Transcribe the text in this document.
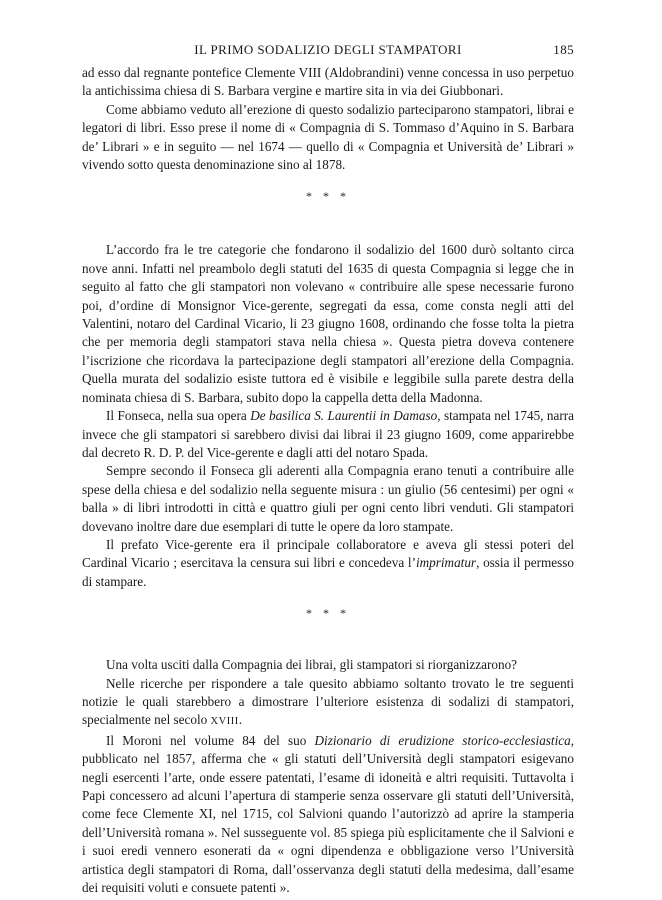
IL PRIMO SODALIZIO DEGLI STAMPATORI	185

ad esso dal regnante pontefice Clemente VIII (Aldobrandini) venne concessa in uso perpetuo la antichissima chiesa di S. Barbara vergine e martire sita in via dei Giubbonari.

Come abbiamo veduto all’erezione di questo sodalizio parteciparono stampatori, librai e legatori di libri. Esso prese il nome di « Compagnia di S. Tommaso d’Aquino in S. Barbara de’ Librari » e in seguito — nel 1674 — quello di « Compagnia et Università de’ Librari » vivendo sotto questa denominazione sino al 1878.

* * *

L’accordo fra le tre categorie che fondarono il sodalizio del 1600 durò soltanto circa nove anni. Infatti nel preambolo degli statuti del 1635 di questa Compagnia si legge che in seguito al fatto che gli stampatori non volevano « contribuire alle spese necessarie furono poi, d’ordine di Monsignor Vice-gerente, segregati da essa, come consta negli atti del Valentini, notaro del Cardinal Vicario, li 23 giugno 1608, ordinando che fosse tolta la pietra che per memoria degli stampatori stava nella chiesa ». Questa pietra doveva contenere l’iscrizione che ricordava la partecipazione degli stampatori all’erezione della Compagnia. Quella murata del sodalizio esiste tuttora ed è visibile e leggibile sulla parete destra della nominata chiesa di S. Barbara, subito dopo la cappella detta della Madonna.

Il Fonseca, nella sua opera De basilica S. Laurentii in Damaso, stampata nel 1745, narra invece che gli stampatori si sarebbero divisi dai librai il 23 giugno 1609, come apparirebbe dal decreto R. D. P. del Vice-gerente e dagli atti del notaro Spada.

Sempre secondo il Fonseca gli aderenti alla Compagnia erano tenuti a contribuire alle spese della chiesa e del sodalizio nella seguente misura : un giulio (56 centesimi) per ogni « balla » di libri introdotti in città e quattro giuli per ogni cento libri venduti. Gli stampatori dovevano inoltre dare due esemplari di tutte le opere da loro stampate.

Il prefato Vice-gerente era il principale collaboratore e aveva gli stessi poteri del Cardinal Vicario ; esercitava la censura sui libri e concedeva l’imprimatur, ossia il permesso di stampare.

* * *

Una volta usciti dalla Compagnia dei librai, gli stampatori si riorganizzarono?

Nelle ricerche per rispondere a tale quesito abbiamo soltanto trovato le tre seguenti notizie le quali starebbero a dimostrare l’ulteriore esistenza di sodalizi di stampatori, specialmente nel secolo XVIII.

Il Moroni nel volume 84 del suo Dizionario di erudizione storico-ecclesiastica, pubblicato nel 1857, afferma che « gli statuti dell’Università degli stampatori esigevano negli esercenti l’arte, onde essere patentati, l’esame di idoneità e altri requisiti. Tuttavolta i Papi concessero ad alcuni l’apertura di stamperie senza osservare gli statuti dell’Università, come fece Clemente XI, nel 1715, col Salvioni quando l’autorizzò ad aprire la stamperia dell’Università romana ». Nel susseguente vol. 85 spiega più esplicitamente che il Salvioni e i suoi eredi vennero esonerati da « ogni dipendenza e obbligazione verso l’Università artistica degli stampatori di Roma, dall’osservanza degli statuti della medesima, dall’esame dei requisiti voluti e consuete patenti ».
